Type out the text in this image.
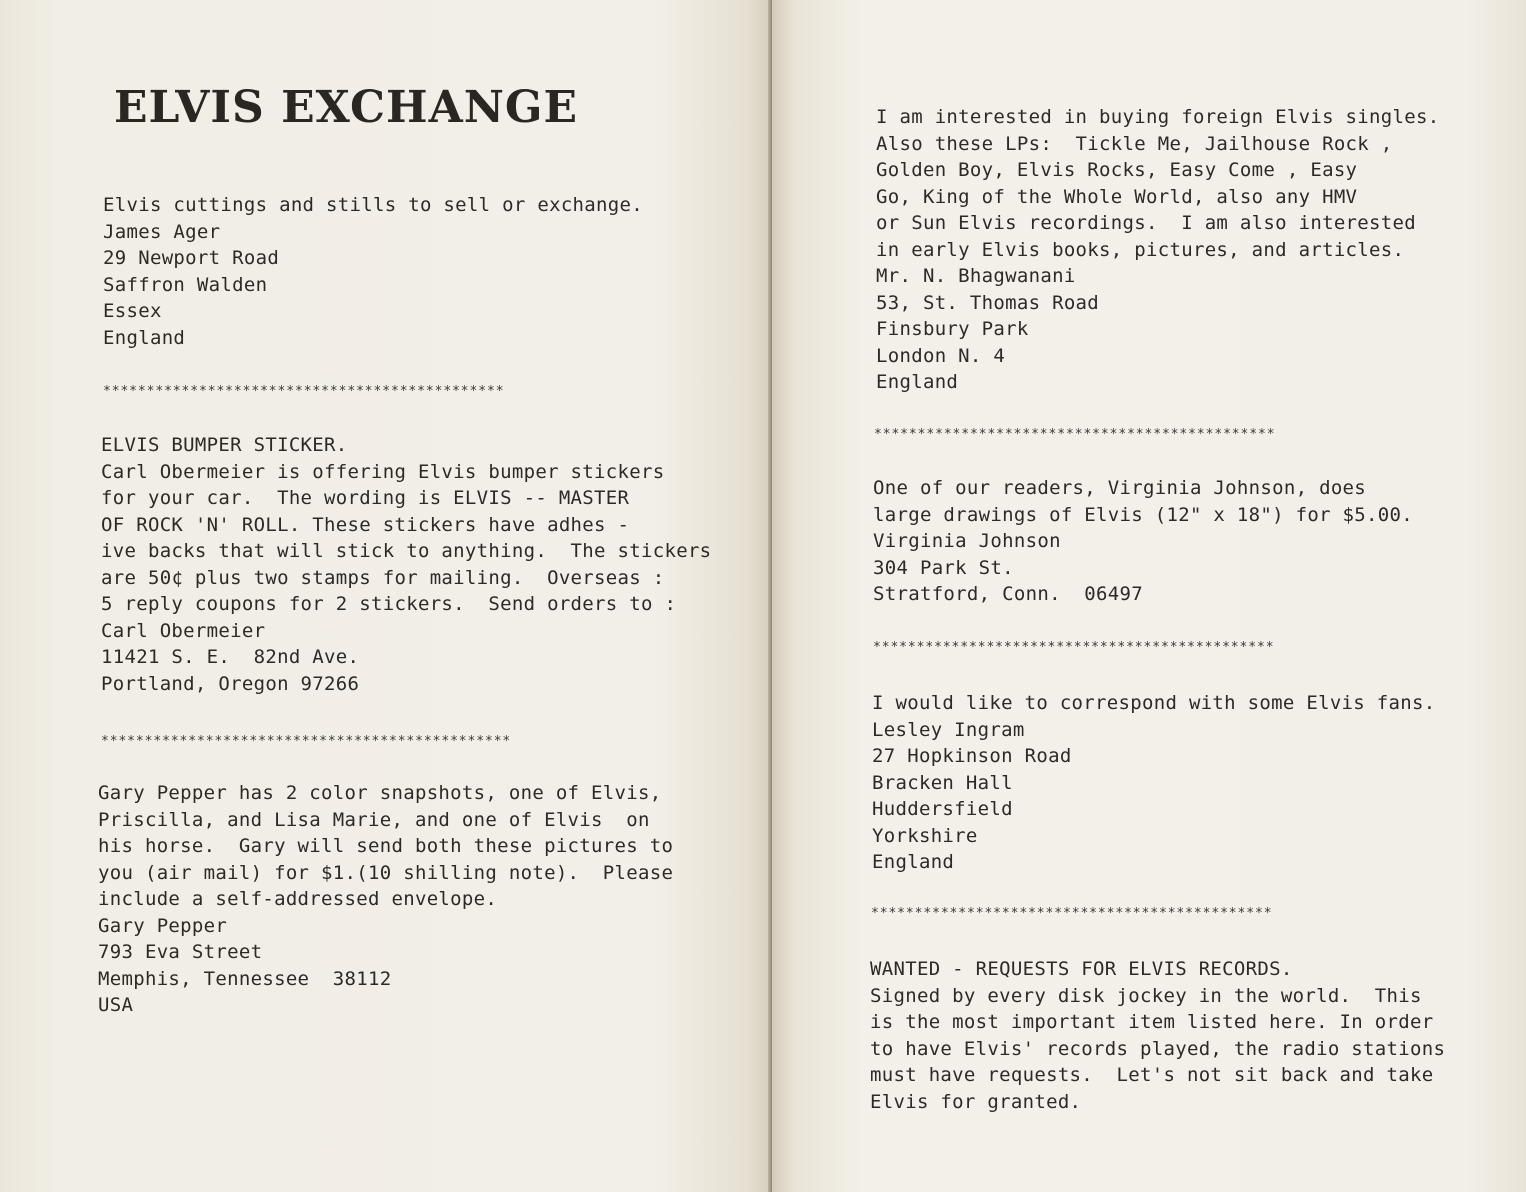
ELVIS EXCHANGE
Elvis cuttings and stills to sell or exchange.
James Ager
29 Newport Road
Saffron Walden
Essex
England
**********************************************
ELVIS BUMPER STICKER.
Carl Obermeier is offering Elvis bumper stickers
for your car.  The wording is ELVIS -- MASTER
OF ROCK 'N' ROLL. These stickers have adhes -
ive backs that will stick to anything.  The stickers
are 50¢ plus two stamps for mailing.  Overseas :
5 reply coupons for 2 stickers.  Send orders to :
Carl Obermeier
11421 S. E.  82nd Ave.
Portland, Oregon 97266
***********************************************
Gary Pepper has 2 color snapshots, one of Elvis,
Priscilla, and Lisa Marie, and one of Elvis  on
his horse.  Gary will send both these pictures to
you (air mail) for $1.(10 shilling note).  Please
include a self-addressed envelope.
Gary Pepper
793 Eva Street
Memphis, Tennessee  38112
USA
I am interested in buying foreign Elvis singles.
Also these LPs:  Tickle Me, Jailhouse Rock ,
Golden Boy, Elvis Rocks, Easy Come , Easy
Go, King of the Whole World, also any HMV
or Sun Elvis recordings.  I am also interested
in early Elvis books, pictures, and articles.
Mr. N. Bhagwanani
53, St. Thomas Road
Finsbury Park
London N. 4
England
**********************************************
One of our readers, Virginia Johnson, does
large drawings of Elvis (12" x 18") for $5.00.
Virginia Johnson
304 Park St.
Stratford, Conn.  06497
**********************************************
I would like to correspond with some Elvis fans.
Lesley Ingram
27 Hopkinson Road
Bracken Hall
Huddersfield
Yorkshire
England
**********************************************
WANTED - REQUESTS FOR ELVIS RECORDS.
Signed by every disk jockey in the world.  This
is the most important item listed here. In order
to have Elvis' records played, the radio stations
must have requests.  Let's not sit back and take
Elvis for granted.
